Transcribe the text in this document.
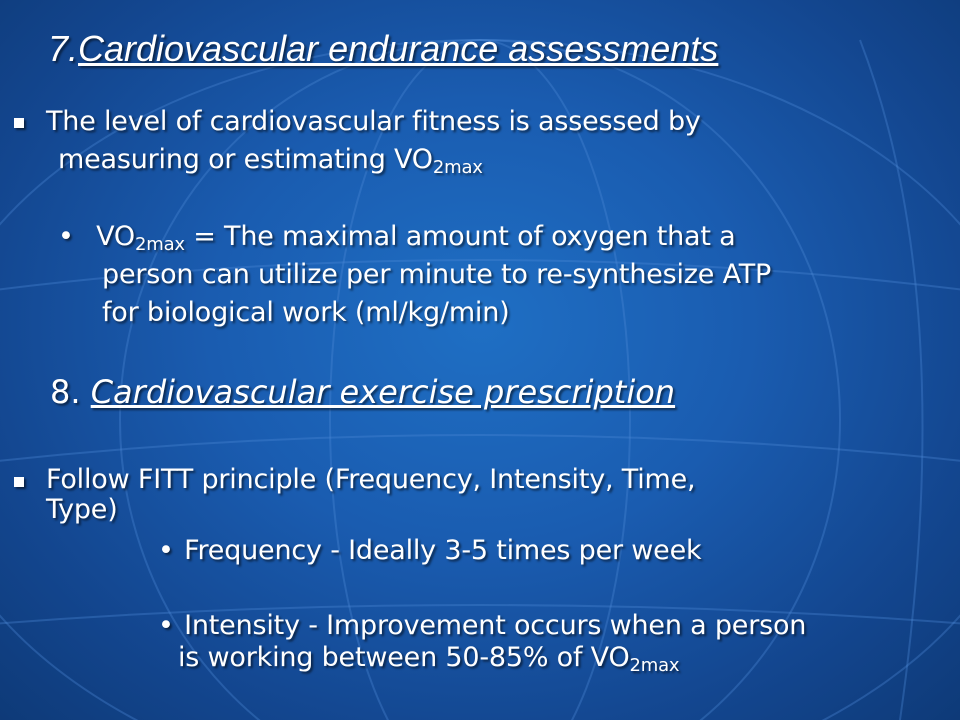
7.Cardiovascular endurance assessments
The level of cardiovascular fitness is assessed by
measuring or estimating $VO_{2max}$
• $VO_{2max}$ = The maximal amount of oxygen that a
person can utilize per minute to re-synthesize ATP
for biological work (ml/kg/min)
8. Cardiovascular exercise prescription
Follow FITT principle (Frequency, Intensity, Time,
Type)
• Frequency - Ideally 3-5 times per week
• Intensity - Improvement occurs when a person
is working between 50-85% of $VO_{2max}$
